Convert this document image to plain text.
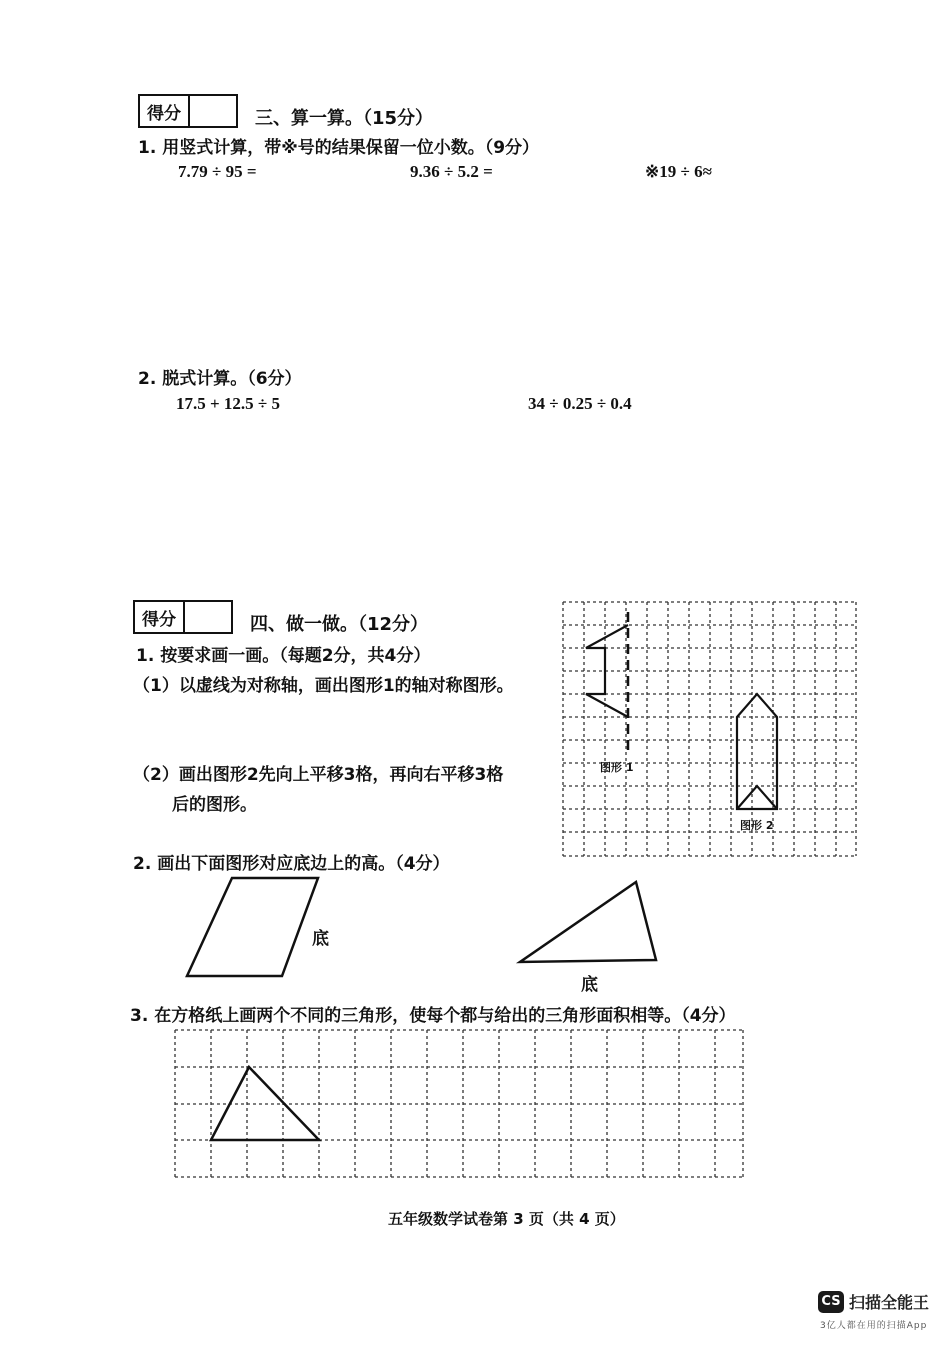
得分	三、算一算。（15分）
1. 用竖式计算，带※号的结果保留一位小数。（9分）
7.79 ÷ 95 =	9.36 ÷ 5.2 =	※19 ÷ 6≈
2. 脱式计算。（6分）
17.5 + 12.5 ÷ 5	34 ÷ 0.25 ÷ 0.4
得分	四、做一做。（12分）
1. 按要求画一画。（每题2分，共4分）
（1）以虚线为对称轴，画出图形1的轴对称图形。
（2）画出图形2先向上平移3格，再向右平移3格
后的图形。
图形 1
图形 2
2. 画出下面图形对应底边上的高。（4分）
底
底
3. 在方格纸上画两个不同的三角形，使每个都与给出的三角形面积相等。（4分）
五年级数学试卷第 3 页（共 4 页）
CS 扫描全能王
3亿人都在用的扫描App
